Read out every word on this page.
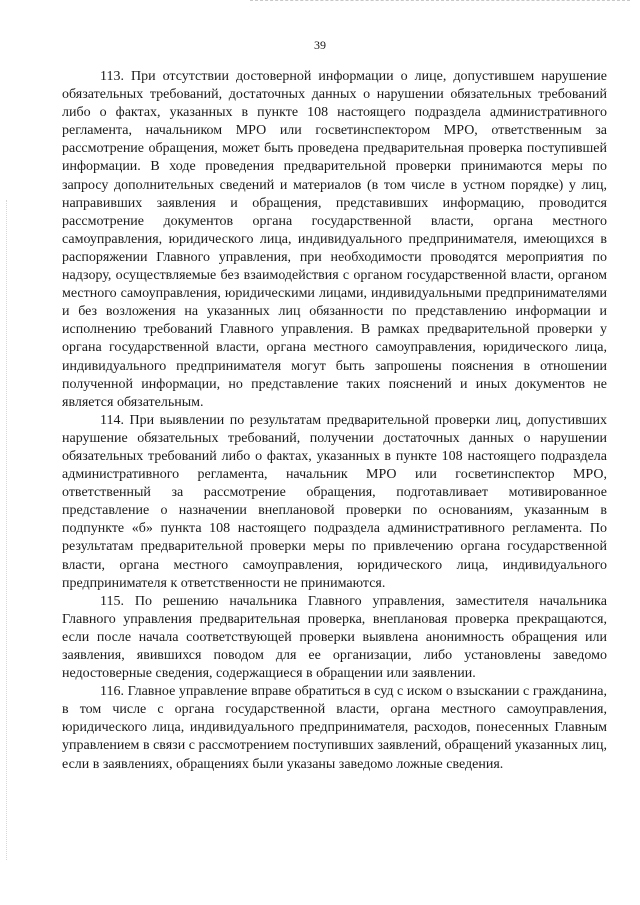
39

113. При отсутствии достоверной информации о лице, допустившем нарушение обязательных требований, достаточных данных о нарушении обязательных требований либо о фактах, указанных в пункте 108 настоящего подраздела административного регламента, начальником МРО или госветинспектором МРО, ответственным за рассмотрение обращения, может быть проведена предварительная проверка поступившей информации. В ходе проведения предварительной проверки принимаются меры по запросу дополнительных сведений и материалов (в том числе в устном порядке) у лиц, направивших заявления и обращения, представивших информацию, проводится рассмотрение документов органа государственной власти, органа местного самоуправления, юридического лица, индивидуального предпринимателя, имеющихся в распоряжении Главного управления, при необходимости проводятся мероприятия по надзору, осуществляемые без взаимодействия с органом государственной власти, органом местного самоуправления, юридическими лицами, индивидуальными предпринимателями и без возложения на указанных лиц обязанности по представлению информации и исполнению требований Главного управления. В рамках предварительной проверки у органа государственной власти, органа местного самоуправления, юридического лица, индивидуального предпринимателя могут быть запрошены пояснения в отношении полученной информации, но представление таких пояснений и иных документов не является обязательным.

114. При выявлении по результатам предварительной проверки лиц, допустивших нарушение обязательных требований, получении достаточных данных о нарушении обязательных требований либо о фактах, указанных в пункте 108 настоящего подраздела административного регламента, начальник МРО или госветинспектор МРО, ответственный за рассмотрение обращения, подготавливает мотивированное представление о назначении внеплановой проверки по основаниям, указанным в подпункте «б» пункта 108 настоящего подраздела административного регламента. По результатам предварительной проверки меры по привлечению органа государственной власти, органа местного самоуправления, юридического лица, индивидуального предпринимателя к ответственности не принимаются.

115. По решению начальника Главного управления, заместителя начальника Главного управления предварительная проверка, внеплановая проверка прекращаются, если после начала соответствующей проверки выявлена анонимность обращения или заявления, явившихся поводом для ее организации, либо установлены заведомо недостоверные сведения, содержащиеся в обращении или заявлении.

116. Главное управление вправе обратиться в суд с иском о взыскании с гражданина, в том числе с органа государственной власти, органа местного самоуправления, юридического лица, индивидуального предпринимателя, расходов, понесенных Главным управлением в связи с рассмотрением поступивших заявлений, обращений указанных лиц, если в заявлениях, обращениях были указаны заведомо ложные сведения.
